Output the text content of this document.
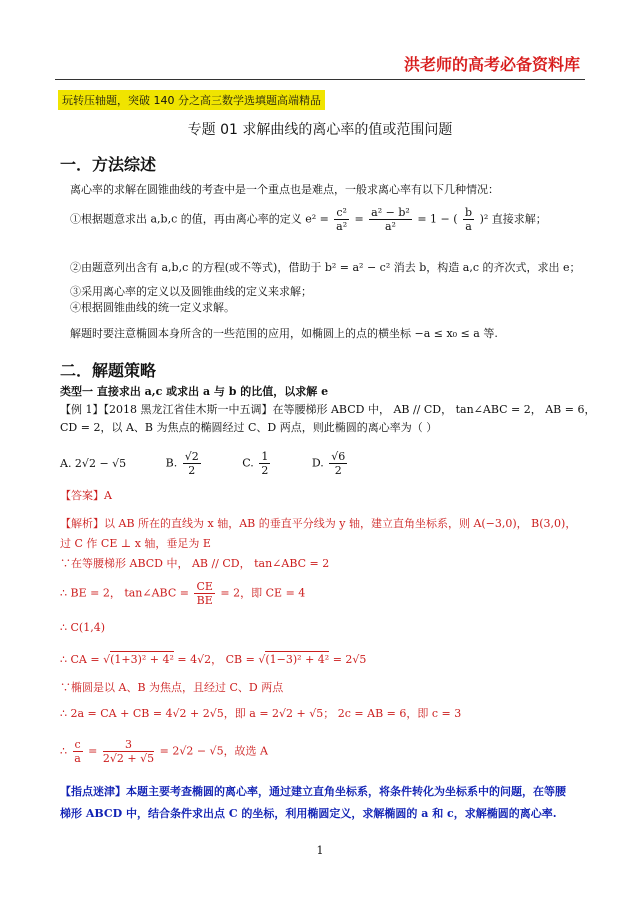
洪老师的高考必备资料库
玩转压轴题，突破 140 分之高三数学选填题高端精品
专题 01 求解曲线的离心率的值或范围问题
一．方法综述
离心率的求解在圆锥曲线的考查中是一个重点也是难点，一般求离心率有以下几种情况：
①根据题意求出 a,b,c 的值，再由离心率的定义 $e^2 = \frac{\text{c²}}{\text{a²}} = \frac{\text{a² − b²}}{\text{a²}} = 1$ − ( $\frac{b}{a} )^2$ 直接求解；
②由题意列出含有 a,b,c 的方程(或不等式)，借助于 b² = a² − c² 消去 b，构造 a,c 的齐次式，求出 e；
③采用离心率的定义以及圆锥曲线的定义来求解；
④根据圆锥曲线的统一定义求解。
解题时要注意椭圆本身所含的一些范围的应用，如椭圆上的点的横坐标 −a ≤ x₀ ≤ a 等.
二．解题策略
类型一 直接求出 a,c 或求出 a 与 b 的比值，以求解 e
【例 1】【2018 黑龙江省佳木斯一中五调】在等腰梯形 ABCD 中， AB // CD， tan∠ABC = 2， AB = 6，
CD = 2，以 A、B 为焦点的椭圆经过 C、D 两点，则此椭圆的离心率为（ ）
A. 2√2 − √5	B. $\frac{√2}{2}$	C. $\frac{1}{2}$	D. $\frac{√6}{2}$
【答案】A
【解析】以 AB 所在的直线为 x 轴，AB 的垂直平分线为 y 轴，建立直角坐标系，则 A(−3,0)， B(3,0)，
过 C 作 CE ⊥ x 轴，垂足为 E
∵在等腰梯形 ABCD 中， AB // CD， tan∠ABC = 2
∴ BE = 2， tan∠ABC = $\frac{CE}{BE} = 2$，即 CE = 4
∴ C(1,4)
∴ CA = √(1+3)² + 4² = 4√2， CB = √(1−3)² + 4² = 2√5
∵椭圆是以 A、B 为焦点，且经过 C、D 两点
∴ 2a = CA + CB = 4√2 + 2√5，即 a = 2√2 + √5； 2c = AB = 6，即 c = 3
∴ $\frac{c}{a} = \frac{3}{2√2 + √5} = 2√2 - √5$，故选 A
【指点迷津】本题主要考查椭圆的离心率，通过建立直角坐标系，将条件转化为坐标系中的问题，在等腰
梯形 ABCD 中，结合条件求出点 C 的坐标，利用椭圆定义，求解椭圆的 a 和 c，求解椭圆的离心率.
1
